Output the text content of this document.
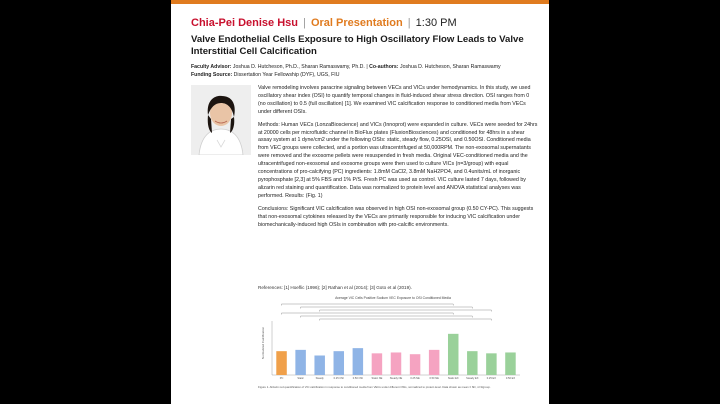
Chia-Pei Denise Hsu | Oral Presentation | 1:30 PM
Valve Endothelial Cells Exposure to High Oscillatory Flow Leads to Valve Interstitial Cell Calcification
Faculty Advisor: Joshua D. Hutcheson, Ph.D., Sharan Ramaswamy, Ph.D. | Co-authors: Joshua D. Hutcheson, Sharan Ramaswamy
Funding Source: Dissertation Year Fellowship (DYF), UGS, FIU

Valve remodeling involves paracrine signaling between VECs and VICs under hemodynamics. In this study, we used oscillatory shear index (OSI) to quantify temporal changes in fluid-induced shear stress direction. OSI ranges from 0 (no oscillation) to 0.5 (full oscillation) [1]. We examined VIC calcification response to conditioned media from VECs under different OSIs.

Methods: Human VECs (LonzaBioscience) and VICs (Innoprot) were expanded in culture. VECs were seeded for 24hrs at 20000 cells per microfluidic channel in BioFlux plates (FluxionBiosciences) and conditioned for 48hrs in a shear assay system at 1 dyne/cm2 under the following OSIs: static, steady flow, 0.25OSI, and 0.50OSI. Conditioned media from VEC groups were collected, and a portion was ultracentrifuged at 50,000RPM. The non-exosomal supernatants were removed and the exosome pellets were resuspended in fresh media. Original VEC-conditioned media and the ultracentrifuged non-exosomal and exosome groups were then used to culture VICs (n=3/group) with equal concentrations of pro-calcifying (PC) ingredients: 1.8mM CaCl2, 3.8mM NaH2PO4, and 0.4units/mL of inorganic pyrophosphate [2,3] at 5% FBS and 1% P/S. Fresh PC was used as control. VIC culture lasted 7 days, followed by alizarin red staining and quantification. Data was normalized to protein level and ANOVA statistical analyses was performed. Results: (Fig. 1)

Conclusions: Significant VIC calcification was observed in high OSI non-exosomal group (0.50 CY-PC). This suggests that non-exosomal cytokines released by the VECs are primarily responsible for inducing VIC calcification under biomechanically-induced high OSIs in combination with pro-calcific environments.

References: [1] Hoeflic (1996); [2] Rathan et al (2014); [3] Goto et al (2019).
Average VIC Cells Positive Sodium VEC Exposure to OSI Conditioned Media
Normalized Calcification
PC	Static	Steady	0.25 OSI	0.50 OSI	Static NE	Steady NE	0.25 NE	0.50 NE	Static EX	Steady EX	0.25 EX	0.50 EX
Figure 1. Alizarin red quantification of VIC calcification in response to conditioned media from VECs under different OSIs, normalized to protein level. Data shown as mean ± SD, n=3/group.
